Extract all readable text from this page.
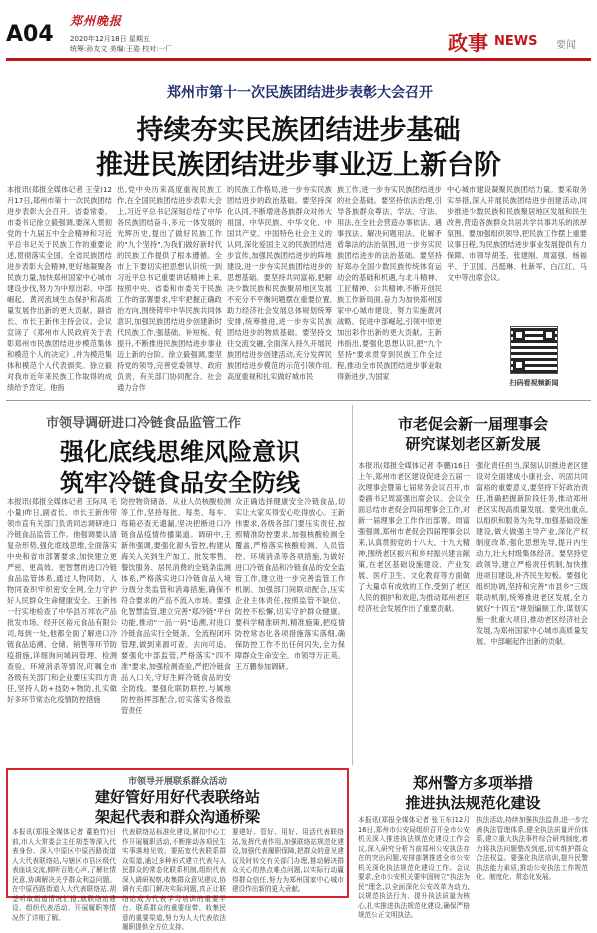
A04
郑州晚报
2020年12月18日 星期五
统筹:孙友文 美编:王姿 校对:一厂	政事 NEWS 要闻
郑州市第十一次民族团结进步表彰大会召开
持续夯实民族团结进步基础
推进民族团结进步事业迈上新台阶
本报讯(郑报全媒体记者 王莹)12月17日,郑州市第十一次民族团结进步表彰大会召开。省委常委、市委书记徐立毅强调,要深入贯彻党的十九届五中全会精神和习近平总书记关于民族工作的重要论述,贯彻落实全国、全省民族团结进步表彰大会精神,更好地凝聚各民族力量,加快郑州国家中心城市建设步伐,努力为中原出彩、中部崛起、黄河流域生态保护和高质量发展作出新的更大贡献。副省长、市长王新伟主持会议。会议宣读了《郑州市人民政府关于表彰郑州市民族团结进步模范集体和模范个人的决定》,并为模范集体和模范个人代表颁奖。徐立毅对我市近年来民族工作取得的成绩给予肯定。他指
出,党中央历来高度重视民族工作,在全国民族团结进步表彰大会上,习近平总书记深刻总结了中华各民族团结奋斗,多元一体发展的光辉历史,提出了做好民族工作的"九个坚持",为我们做好新时代的民族工作提供了根本遵循。全市上下要切实把思想认识统一到习近平总书记重要讲话精神上来,按照中央、省委和市委关于民族工作的部署要求,牢牢把握正确政治方向,围绕铸牢中华民族共同体意识,加强民族团结进步创建新时代民族工作,强基础、补短板、促提升,不断推进民族团结进步事业迈上新的台阶。徐立毅强调,要坚持党的领导,完善党委领导、政府负责、有关部门协同配合、社会通力合作
的民族工作格局,进一步夯实民族团结进步的政治基础。要坚持深化认同,不断增进各族群众对伟大祖国、中华民族、中华文化、中国共产党、中国特色社会主义的认同,深化爱国主义的民族团结进步宣传,加强民族团结进步的阵地建设,进一步夯实民族团结进步的思想基础。要坚持共同富裕,把解决少数民族和民族聚居地区发展不充分不平衡问题摆在重要位置,助力经济社会发展总体规划统筹安排,统筹推进,进一步夯实民族团结进步的物质基础。要坚持交往交流交融,全面深入持久开展民族团结进步创建活动,充分发挥民族团结进步模范的示范引领作用,高度重视和扎实做好城市民
族工作,进一步夯实民族团结进步的社会基础。要坚持依法治理,引导各族群众尊法、学法、守法、用法,在全社会营造办事依法、遇事找法、解决问题用法、化解矛盾靠法的法治氛围,进一步夯实民族团结进步的法治基础。要坚持好郑办全国少数民族传统体育运动会的基础和机遇,与北斗精神、工匠精神、公共精神,不断开创民族工作新局面,奋力为加快郑州国家中心城市建设、努力实施黄河战略、促进中部崛起,引领中原更加出彩作出新的更大贡献。王新伟指出,要强化思想认识,把"九个坚持"要求贯穿到民族工作全过程,推动全市民族团结进步事业取得新进步,为国家
中心城市建设凝聚民族团结力量。要采取务实举措,深入开展民族团结进步创建活动,同步推进少数民族和民族聚居地区发展和民生改善,营造各族群众共居共学共事共乐的浓厚氛围。要加强组织领导,把民族工作摆上重要议事日程,为民族团结进步事业发展提供有力保障。市领导胡荃、张建刚、周富强、杨福平、于卫国、吕挺琳、杜新军、白江红、马文中等出席会议。
扫码看视频新闻
市领导调研进口冷链食品监管工作
强化底线思维风险意识
筑牢冷链食品安全防线
本报讯(郑报全媒体记者 王际凤 毛小量)昨日,副省长、市长王新伟带领市直有关部门负责同志调研进口冷链食品监管工作。他强调要认清复杂形势,强化底线思维,全面落实中央和省市部署要求,加快建立更严密、更高效、更智慧的进口冷链食品监管体系,通过人物同防、人物同查织牢织密安全网,全力守护好人民群众生命健康安全。王新伟一行实地检查了中华县万邦农产品批发市场、经开区裕元食品有限公司,每到一处,他都全面了解进口冷链食品追溯、仓储、销售等环节防疫措施,详细询问城码管理、检测查验、环境消杀等情况,叮嘱全市各级有关部门和企业要压实四方责任,坚持人防+技防+物防,扎实做好多环节常态化疫情防控措施
防控物资储备、从业人员核酸检测等工作,坚持每批、每类、每车、每箱必查无遗漏,坚决把断进口冷链食品疫情传播渠道。调研中,王新伟强调,要强化源头管控,构建从海关入关到生产加工、批发零售、餐饮服务、居民消费的全链条监测体系,严格落实进口冷链食品入境分级分类监管和消毒措施,确保不符合要求的产品不流入市场。要强化智慧监管,建立完善"郑冷链"平台功能,推动"一品一码"追溯,对进口冷链食品实行全链条、全流程闭环管理,做到来源可查、去向可追。要强化中部监管,严格落实"四不准"要求,加强检测查验,严把冷链食品入口关,守好生鲜冷链食品的安全防线。要强化联防联控,与属地防控指挥部配合,切实落实各级监管责任
众正确选择健康安全冷链食品,切实让大家买得安心吃得放心。王新伟要求,各级各部门要压实责任,按照精准防控要求,加强核酸检测全覆盖,严格落实核酸检测、人员管控、环境消杀等各项措施,为做好进口冷链食品和冷链食品的安全监管工作,建立进一步完善监管工作机制、加强部门间联动配合,压实企业主体责任,按照监管不缺位、防控不松懈,切实守护群众健康。要科学精准研判,精准施策,把疫情防控常态化各项措施落实落细,确保防控工作不出任何闪失,全力保障群众生命安全。市领导万正英、王万鹏参加调研。
市老促会新一届理事会
研究谋划老区新发展
本报讯(郑报全媒体记者 李鹏)16日上午,郑州市老区建设促进会五届一次理事会暨第七届常务会议召开,市委副书记周富强出席会议。会议全面总结市老促会四届理事会工作,对新一届理事会工作作出部署。周富强强调,郑州市老促会四届理事会以来,认真贯彻党的十八大、十九大精神,围绕老区振兴和乡村振兴建言献策,在老区基础设施建设、产业发展、医疗卫生、文化教育等方面做了大量卓有成效的工作,受到了老区人民的拥护和欢迎,为推动郑州老区经济社会发展作出了重要贡献。
强化责任担当,深刻认识推进老区建设对全面建成小康社会、巩固共同富裕的重要意义,要坚持下好政治责任,准确把握新阶段任务,推动郑州老区实现高质量发展。要突出重点,以组织和服务为先导,加强基础设施建设,做大做强主导产业,深化产权制度改革,强化思想先导,提升内生动力,壮大村级集体经济。要坚持党政领导,建立严格责任机制,加快推进项目建设,补齐民生短板。要强化组织协调,坚持和完善"市县乡"三级联动机制,统筹推进老区发展,全力做好"十四五"规划编制工作,谋划实施一批重大项目,推动老区经济社会发展,为郑州国家中心城市高质量发展、中部崛起作出新的贡献。
市领导开展联系群众活动
建好管好用好代表联络站
架起代表和群众沟通桥梁
本报讯(郑报全媒体记者 董艳竹)日前,市人大常委会主任胡荃等深入代表身份、深入中原区中原西路街道人大代表联络站,与辖区市县区级代表座谈交流,倾听百姓心声,了解社情民意,协调解决关乎群众利益问题。在中原西路街道人大代表联络站,胡荃听取街道情况汇报,就联络站建设、组织代表活动、开展履职等情况作了详细了解。
代表联络站标准化建设,紧扣中心工作开展履职活动,不断推动各项民生实事落地见效。要拓宽代表联系群众渠道,通过多种形式建立代表与人民群众的常态化联系机制,组织代表深入调研视察,收集群众意见建议,协调有关部门解决实际问题,真正让联络站成为代表学习培训的重要平台、联系群众的重要纽带、收集民意的重要渠道,努力为人大代表依法履职提供全方位支持。
要建好、管好、用好、用活代表联络站,发挥代表作用,加强联络站规范化建设,加强代表履职保障,把群众的意见建议及时转交有关部门办理,推动解决群众关心的热点难点问题,以实际行动赢得群众信任,努力为郑州国家中心城市建设作出新的更大贡献。
郑州警方多项举措
推进执法规范化建设
本报讯(郑报全媒体记者 张玉东)12月16日,郑州市公安局组织召开全市公安机关深入推进执法规范化建设工作会议,深入研究分析当前郑州公安执法存在的突出问题,安排部署推进全市公安机关深化执法规范化建设工作。会议要求,全市公安机关要牢固树立"执法为民"理念,以全面深化公安改革为动力,以规范执法行为、提升执法质量为核心,扎实推进执法规范化建设,确保严格规范公正文明执法。
执法活动,持续加强执法监督,进一步完善执法管理体系,健全执法质量评价体系,建立重大执法事件综合研判制度,着力将执法问题整改到底,切实维护群众合法权益。要强化执法培训,提升民警执法能力素质,推动公安执法工作规范化、制度化、常态化发展。
